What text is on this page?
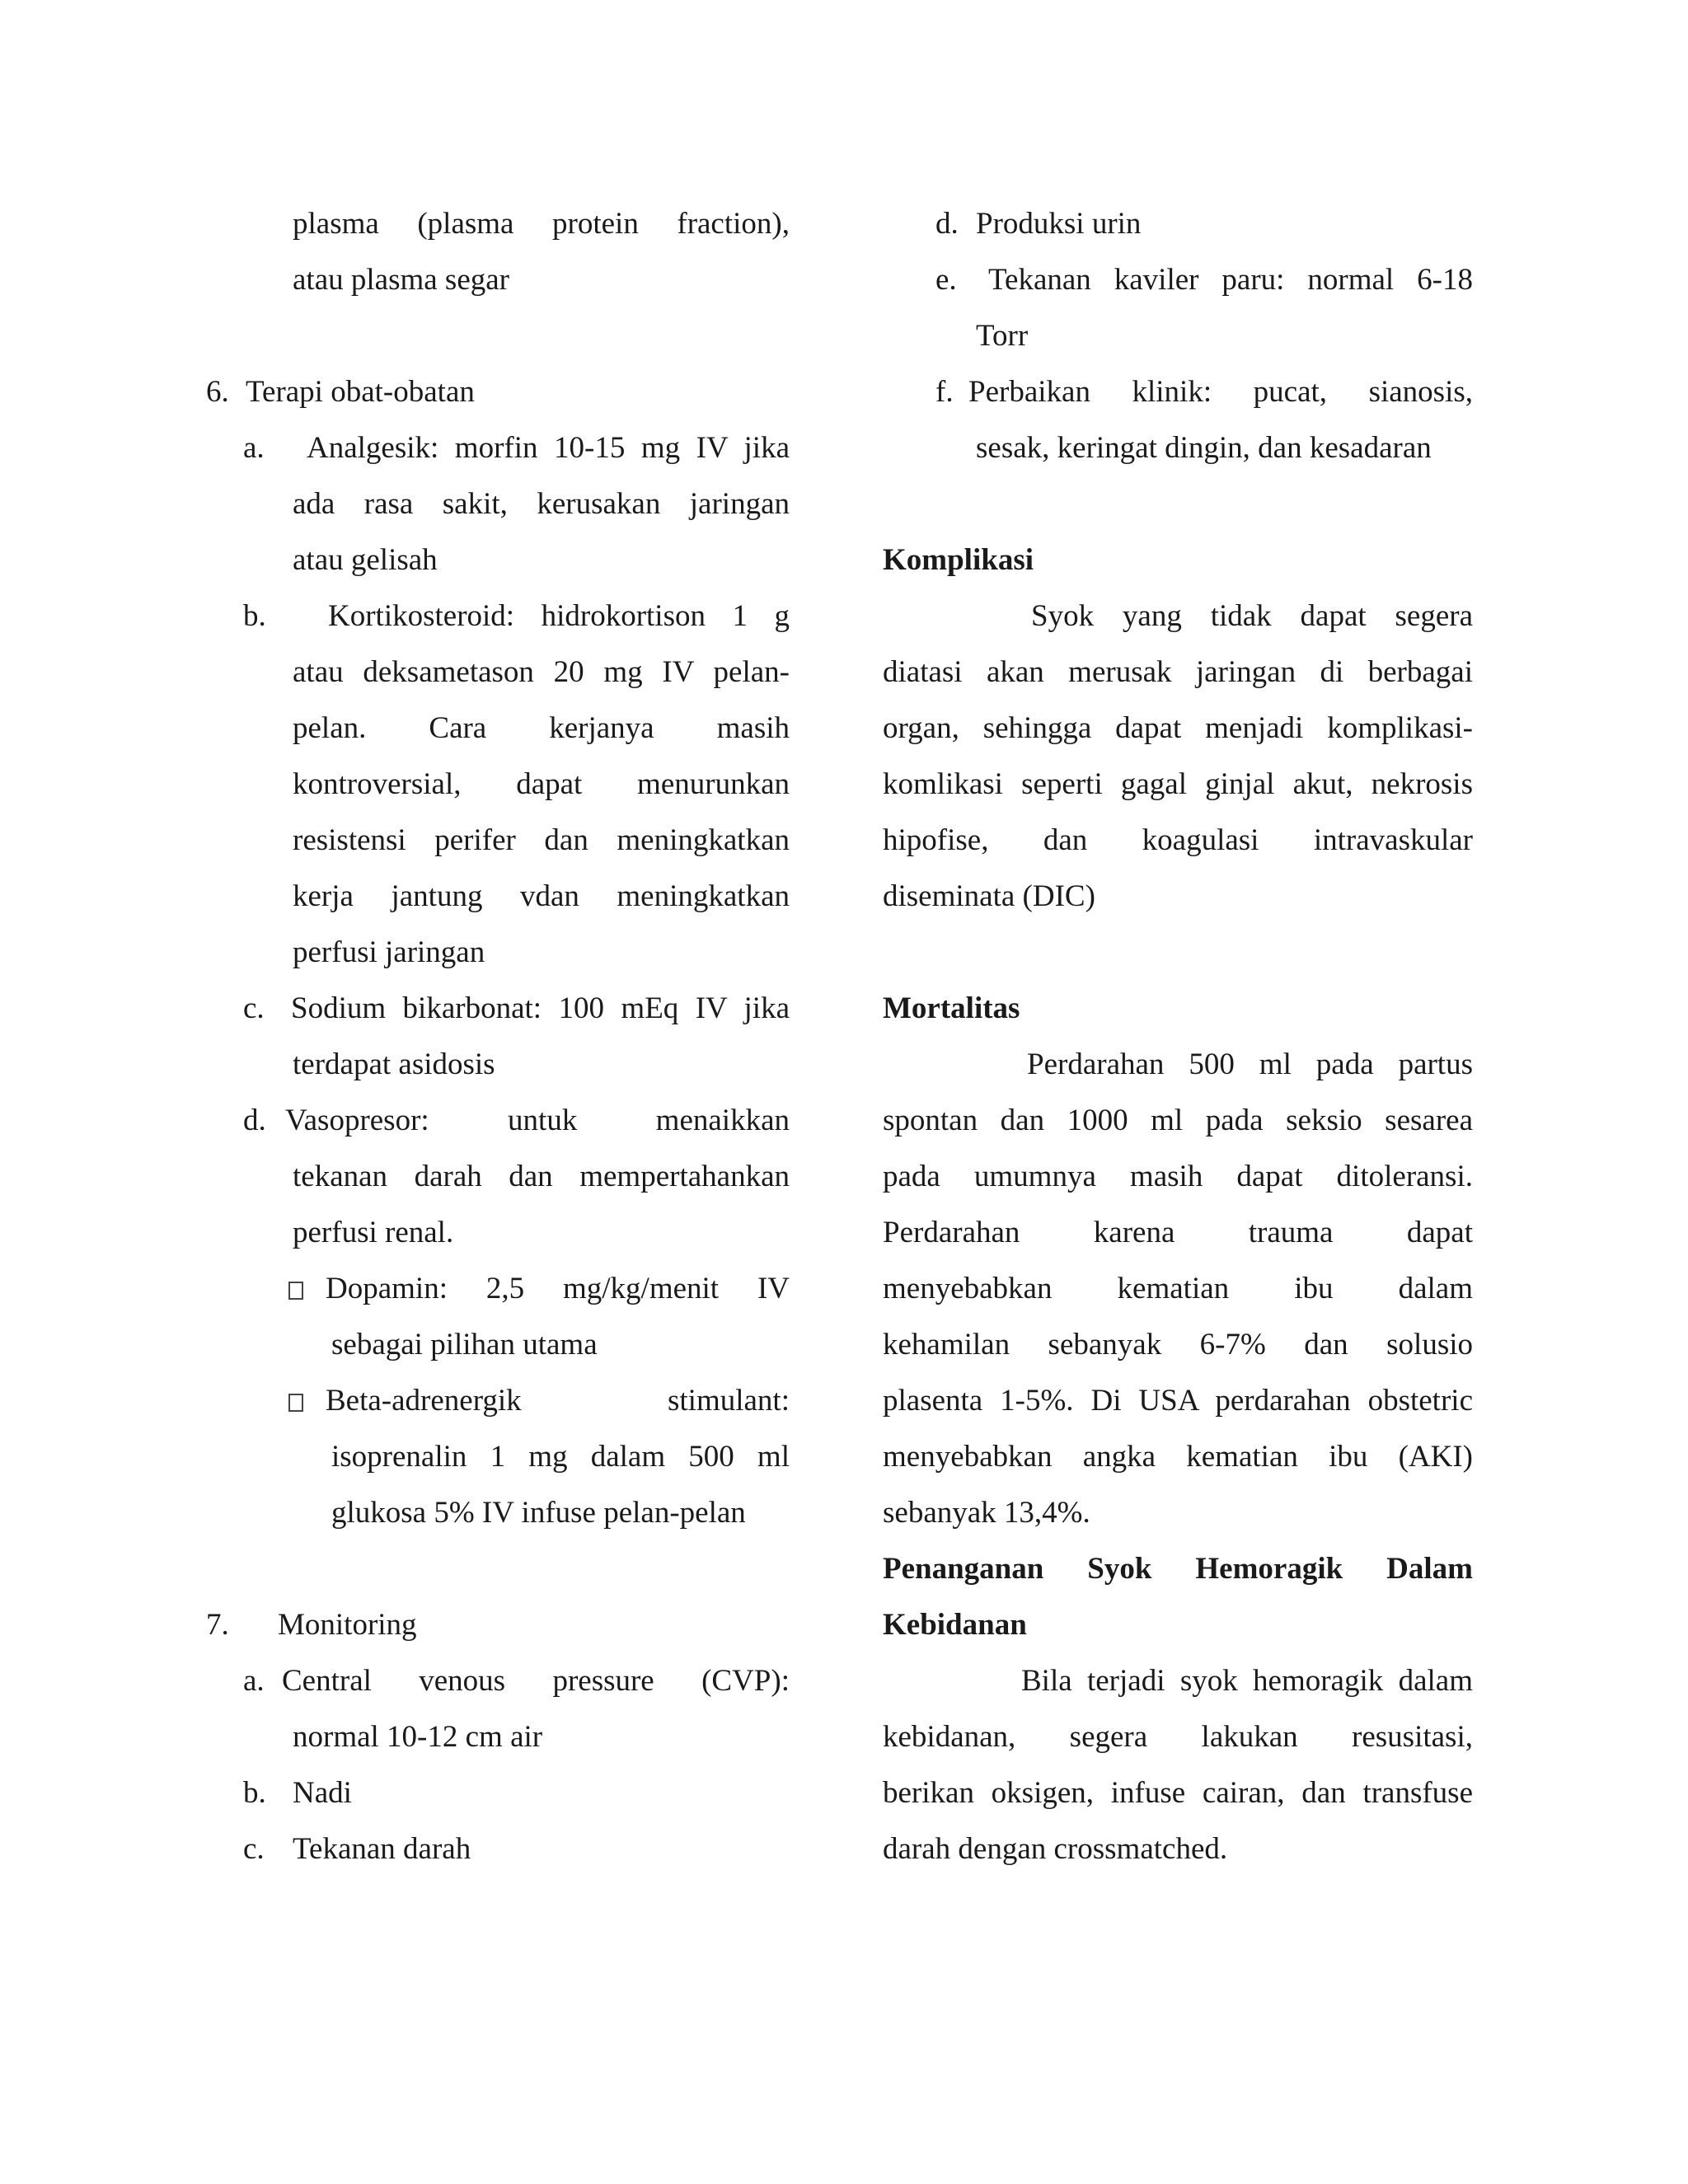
plasma (plasma protein fraction),
atau plasma segar
6. Terapi obat-obatan
a. Analgesik: morfin 10-15 mg IV jika
ada rasa sakit, kerusakan jaringan
atau gelisah
b. Kortikosteroid: hidrokortison 1 g
atau deksametason 20 mg IV pelan-
pelan. Cara kerjanya masih
kontroversial, dapat menurunkan
resistensi perifer dan meningkatkan
kerja jantung vdan meningkatkan
perfusi jaringan
c. Sodium bikarbonat: 100 mEq IV jika
terdapat asidosis
d. Vasopresor: untuk menaikkan
tekanan darah dan mempertahankan
perfusi renal.
Dopamin: 2,5 mg/kg/menit IV
sebagai pilihan utama
Beta-adrenergik stimulant:
isoprenalin 1 mg dalam 500 ml
glukosa 5% IV infuse pelan-pelan
7. Monitoring
a. Central venous pressure (CVP):
normal 10-12 cm air
b. Nadi
c. Tekanan darah
d. Produksi urin
e. Tekanan kaviler paru: normal 6-18
Torr
f. Perbaikan klinik: pucat, sianosis,
sesak, keringat dingin, dan kesadaran
Komplikasi
Syok yang tidak dapat segera
diatasi akan merusak jaringan di berbagai
organ, sehingga dapat menjadi komplikasi-
komlikasi seperti gagal ginjal akut, nekrosis
hipofise, dan koagulasi intravaskular
diseminata (DIC)
Mortalitas
Perdarahan 500 ml pada partus
spontan dan 1000 ml pada seksio sesarea
pada umumnya masih dapat ditoleransi.
Perdarahan karena trauma dapat
menyebabkan kematian ibu dalam
kehamilan sebanyak 6-7% dan solusio
plasenta 1-5%. Di USA perdarahan obstetric
menyebabkan angka kematian ibu (AKI)
sebanyak 13,4%.
Penanganan Syok Hemoragik Dalam
Kebidanan
Bila terjadi syok hemoragik dalam
kebidanan, segera lakukan resusitasi,
berikan oksigen, infuse cairan, dan transfuse
darah dengan crossmatched.
